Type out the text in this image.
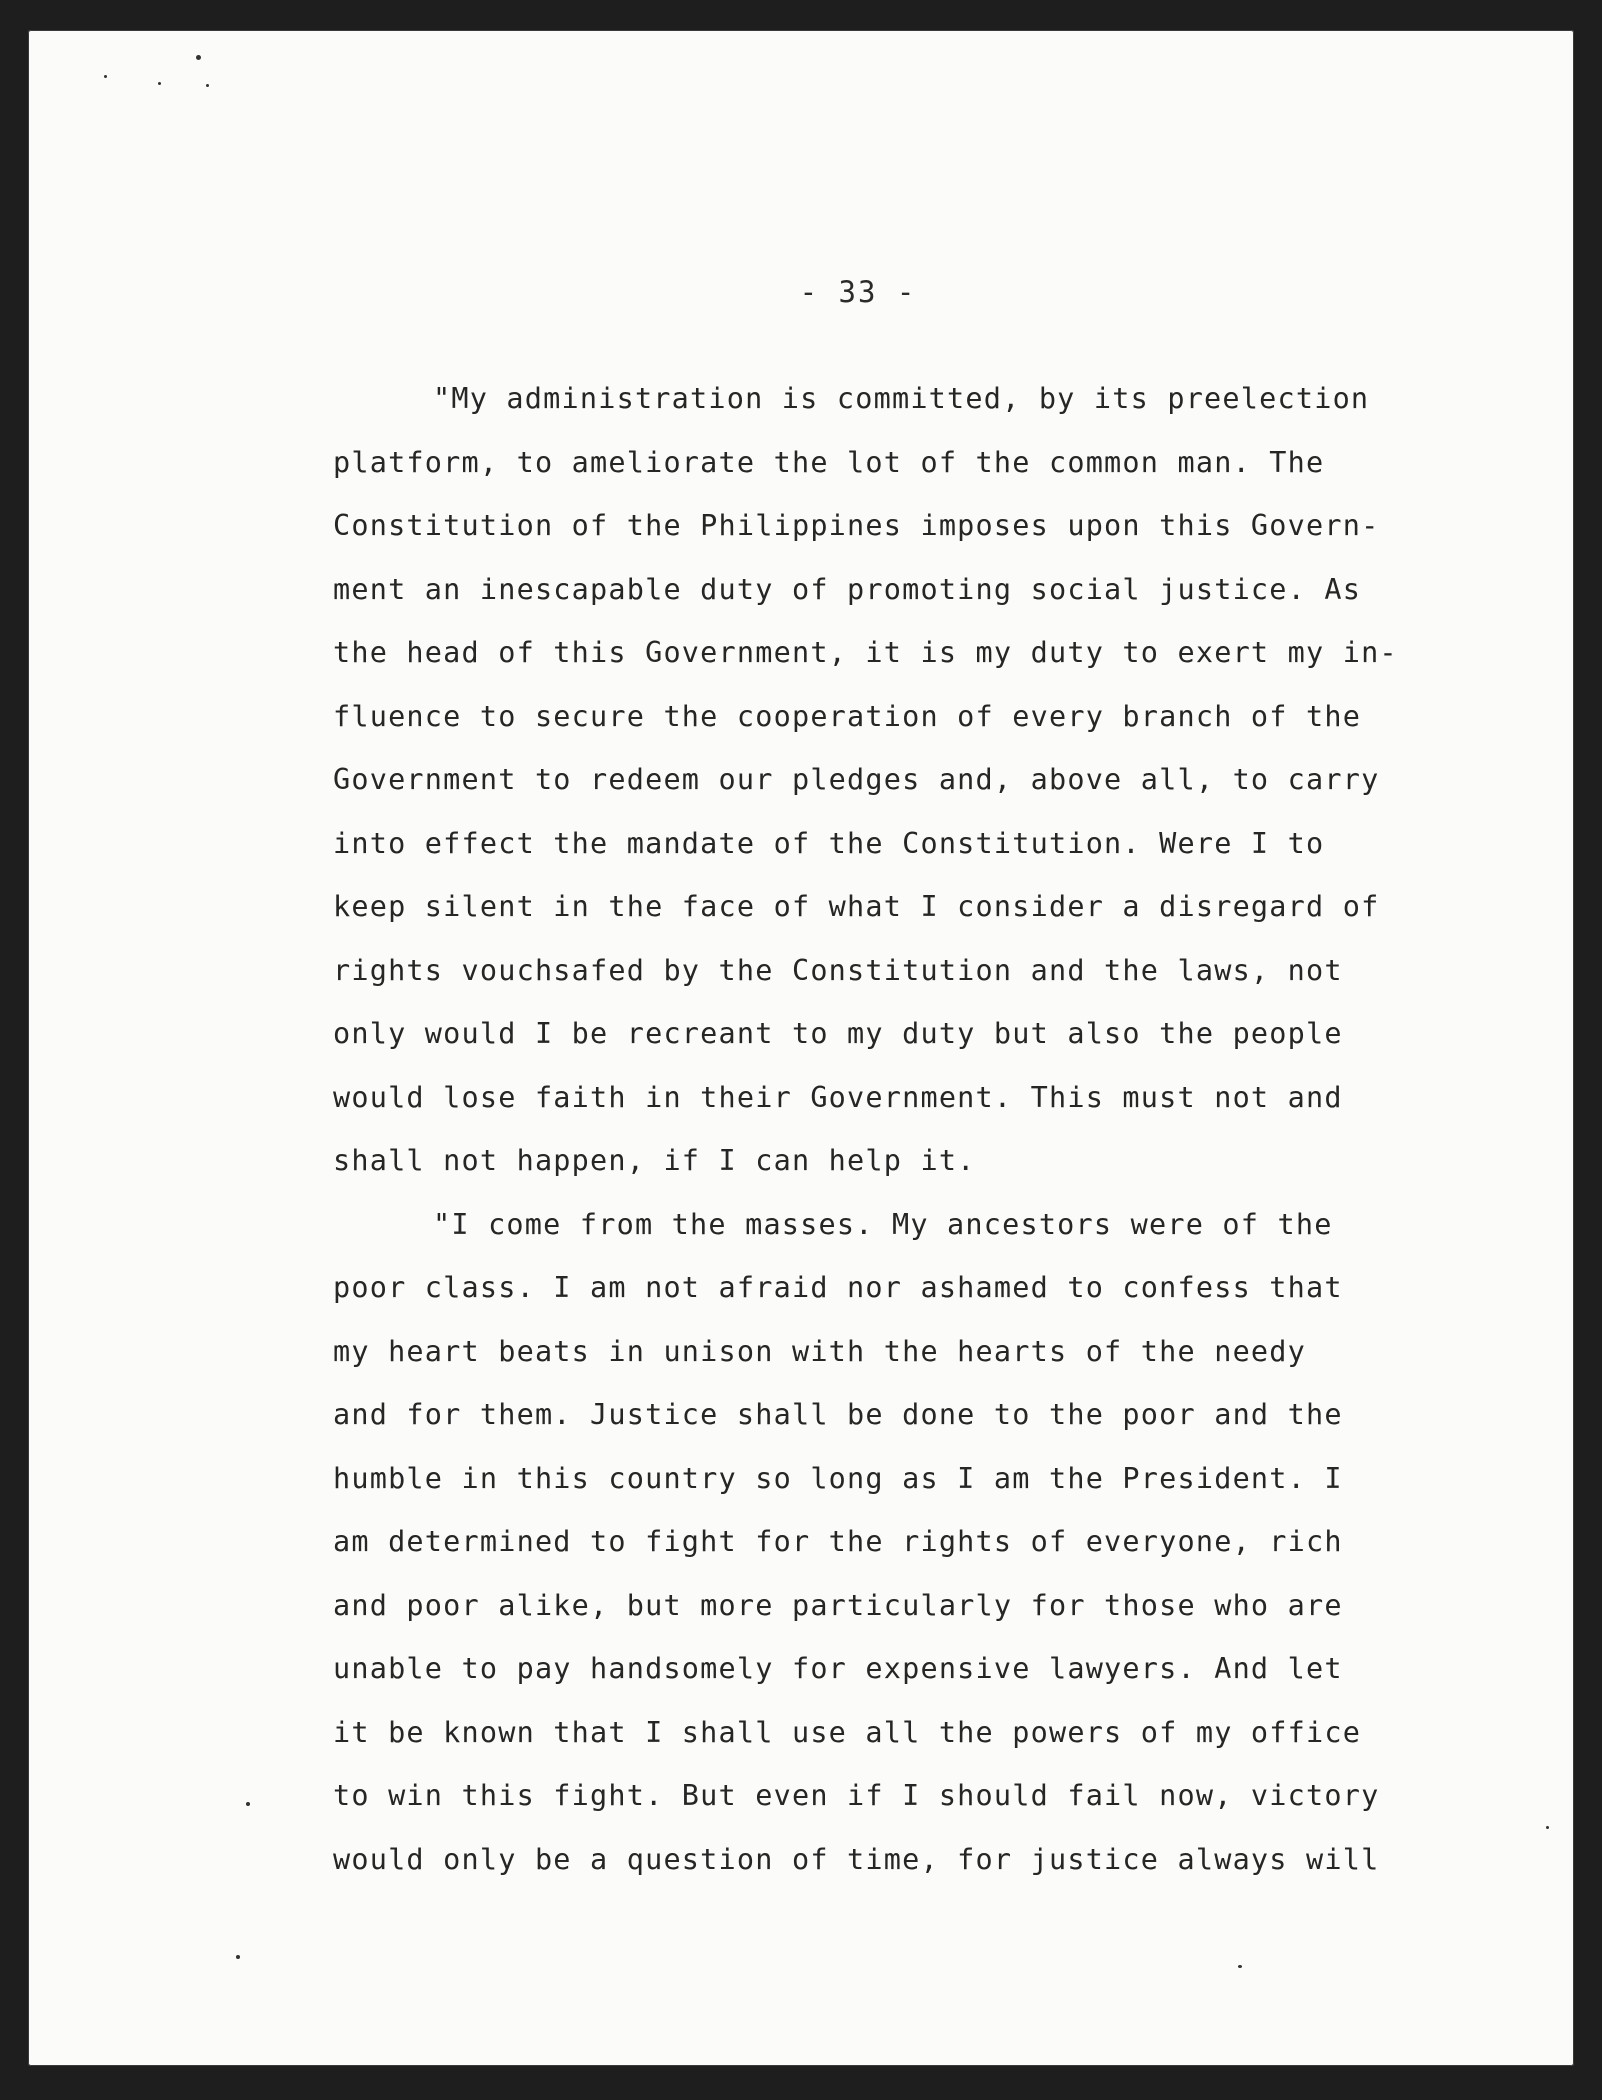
- 33 -
"My administration is committed, by its preelection
platform, to ameliorate the lot of the common man. The
Constitution of the Philippines imposes upon this Govern-
ment an inescapable duty of promoting social justice. As
the head of this Government, it is my duty to exert my in-
fluence to secure the cooperation of every branch of the
Government to redeem our pledges and, above all, to carry
into effect the mandate of the Constitution. Were I to
keep silent in the face of what I consider a disregard of
rights vouchsafed by the Constitution and the laws, not
only would I be recreant to my duty but also the people
would lose faith in their Government. This must not and
shall not happen, if I can help it.
"I come from the masses. My ancestors were of the
poor class. I am not afraid nor ashamed to confess that
my heart beats in unison with the hearts of the needy
and for them. Justice shall be done to the poor and the
humble in this country so long as I am the President. I
am determined to fight for the rights of everyone, rich
and poor alike, but more particularly for those who are
unable to pay handsomely for expensive lawyers. And let
it be known that I shall use all the powers of my office
to win this fight. But even if I should fail now, victory
would only be a question of time, for justice always will
